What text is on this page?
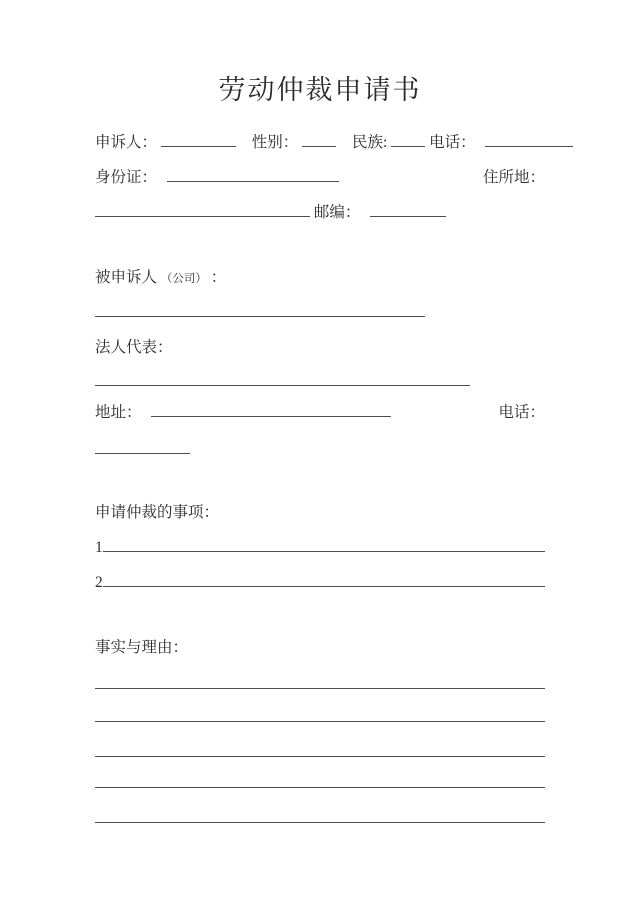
劳动仲裁申请书
申诉人：	性别：	民族:	电话：
身份证：	住所地：
邮编：
被申诉人 （公司） ：
法人代表：
地址：	电话：
申请仲裁的事项：
1
2
事实与理由：
